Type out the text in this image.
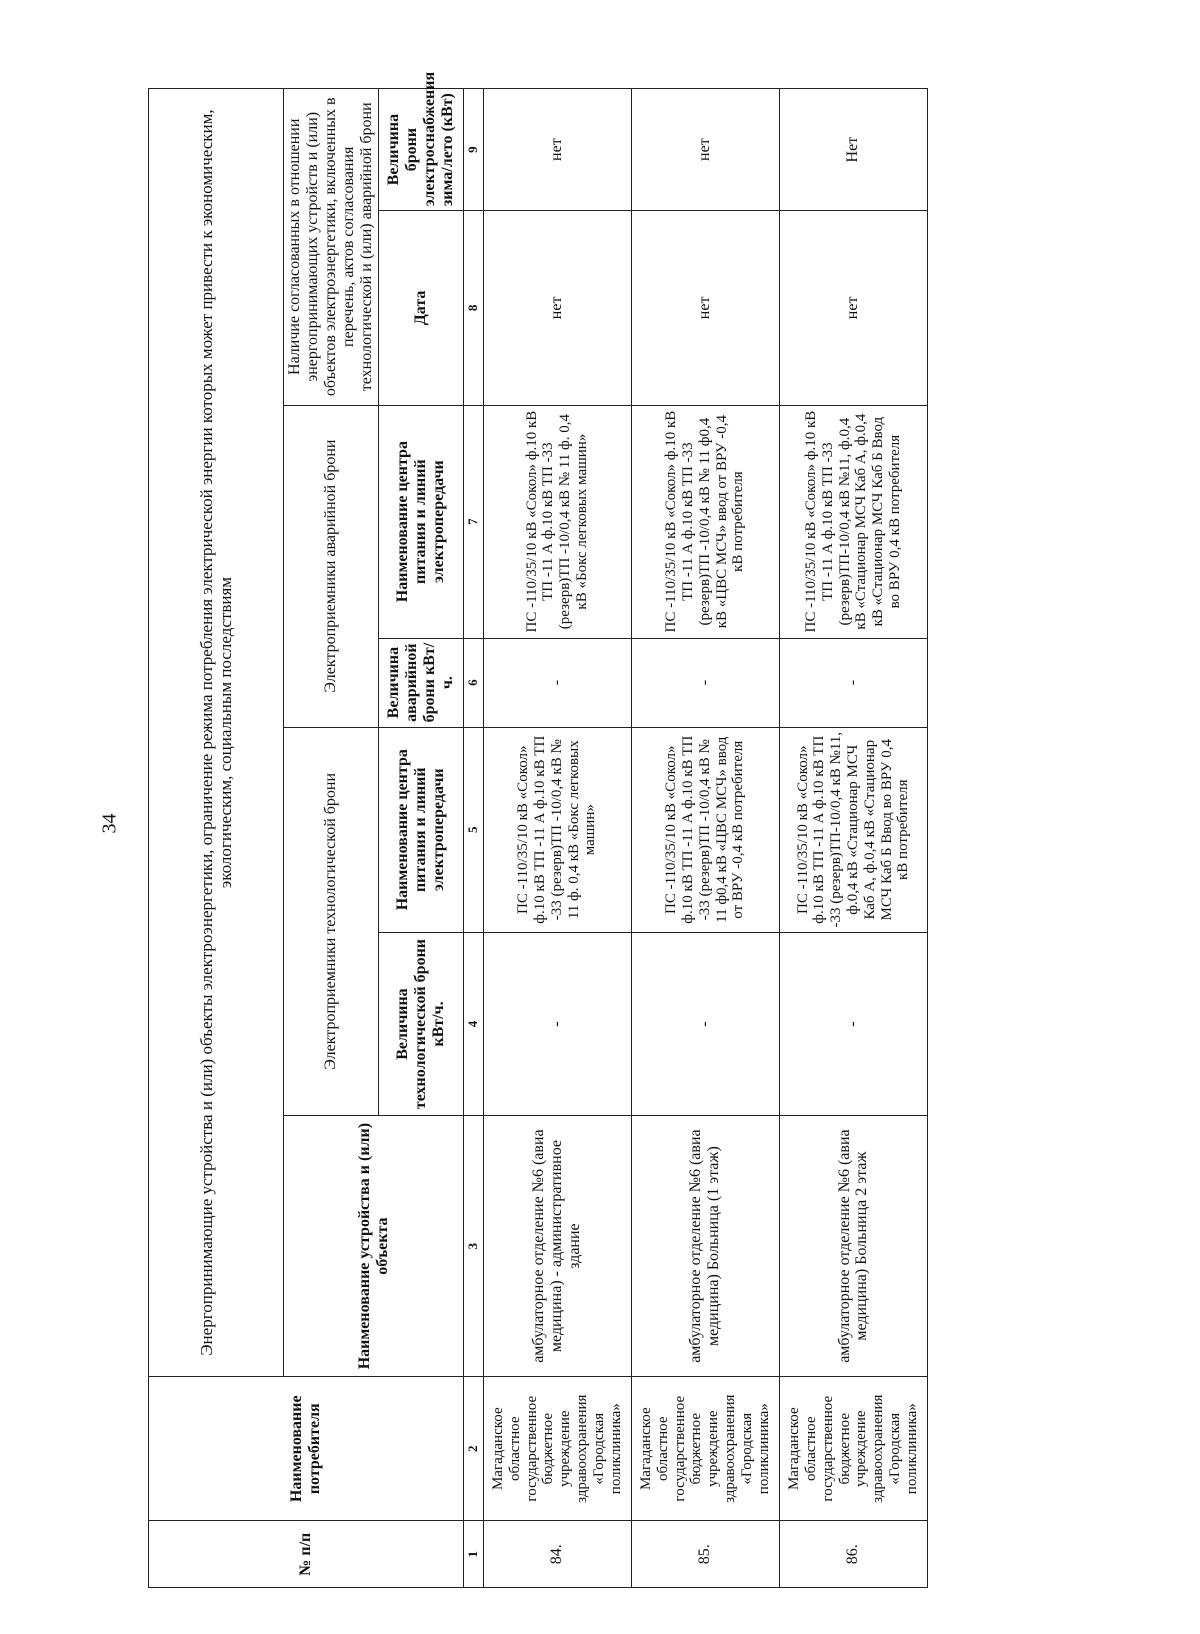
34
№ п/п	Наименование потребителя	Энергопринимающие устройства и (или) объекты электроэнергетики, ограничение режима потребления электрической энергии которых может привести к экономическим, экологическим, социальным последствиям						
		Наименование устройства и (или) объекта	Электроприемники технологической брони		Электроприемники аварийной брони		Наличие согласованных в отношении энергопринимающих устройств и (или) объектов электроэнергетики, включенных в перечень, актов согласования технологической и (или) аварийной брони	
			Величина технологической брони кВт/ч.	Наименование центра питания и линий электропередачи	Величина аварийной брони кВт/ч.	Наименование центра питания и линий электропередачи	Дата	Величина брони электроснабжения зима/лето (кВт)
1	2	3	4	5	6	7	8	9
84.	Магаданское областное государственное бюджетное учреждение здравоохранения «Городская поликлиника»	амбулаторное отделение №6 (авиа медицина) - административное здание	-	ПС -110/35/10 кВ «Сокол» ф.10 кВ ТП -11 А ф.10 кВ ТП -33 (резерв)ТП -10/0,4 кВ № 11 ф. 0,4 кВ «Бокс легковых машин»	-	ПС -110/35/10 кВ «Сокол» ф.10 кВ ТП -11 А ф.10 кВ ТП -33 (резерв)ТП -10/0,4 кВ № 11 ф. 0,4 кВ «Бокс легковых машин»	нет	нет
85.	Магаданское областное государственное бюджетное учреждение здравоохранения «Городская поликлиника»	амбулаторное отделение №6 (авиа медицина) Больница (1 этаж)	-	ПС -110/35/10 кВ «Сокол» ф.10 кВ ТП -11 А ф.10 кВ ТП -33 (резерв)ТП -10/0,4 кВ № 11 ф0,4 кВ «ЦВС МСЧ» ввод от ВРУ -0,4 кВ потребителя	-	ПС -110/35/10 кВ «Сокол» ф.10 кВ ТП -11 А ф.10 кВ ТП -33 (резерв)ТП -10/0,4 кВ № 11 ф0,4 кВ «ЦВС МСЧ» ввод от ВРУ -0,4 кВ потребителя	нет	нет
86.	Магаданское областное государственное бюджетное учреждение здравоохранения «Городская поликлиника»	амбулаторное отделение №6 (авиа медицина) Больница 2 этаж	-	ПС -110/35/10 кВ «Сокол» ф.10 кВ ТП -11 А ф.10 кВ ТП -33 (резерв)ТП-10/0,4 кВ №11, ф.0,4 кВ «Стационар МСЧ Каб А, ф.0,4 кВ «Стационар МСЧ Каб Б Ввод во ВРУ 0,4 кВ потребителя	-	ПС -110/35/10 кВ «Сокол» ф.10 кВ ТП -11 А ф.10 кВ ТП -33 (резерв)ТП-10/0,4 кВ №11, ф.0,4 кВ «Стационар МСЧ Каб А, ф.0,4 кВ «Стационар МСЧ Каб Б Ввод во ВРУ 0,4 кВ потребителя	нет	Нет
